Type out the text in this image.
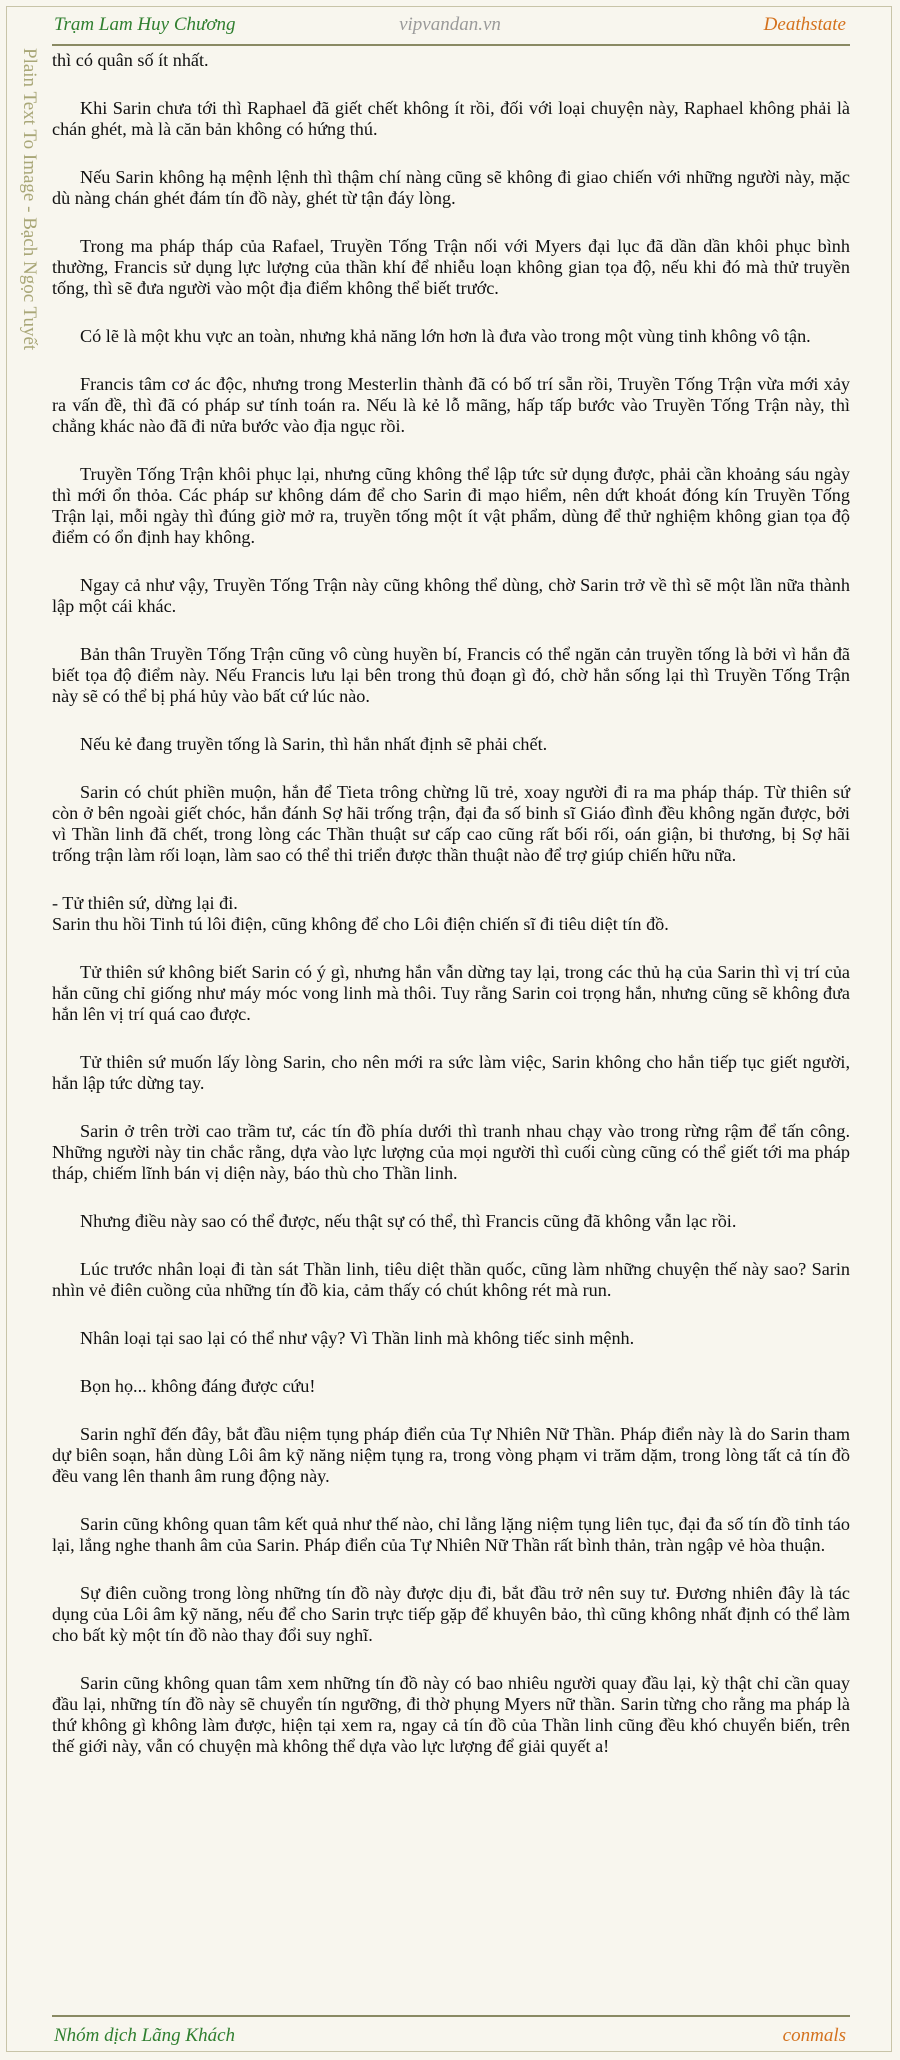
Trạm Lam Huy Chương	vipvandan.vn	Deathstate
Plain Text To Image - Bạch Ngọc Tuyết thì có quân số ít nhất.

Khi Sarin chưa tới thì Raphael đã giết chết không ít rồi, đối với loại chuyện này, Raphael không phải là chán ghét, mà là căn bản không có hứng thú.

Nếu Sarin không hạ mệnh lệnh thì thậm chí nàng cũng sẽ không đi giao chiến với những người này, mặc dù nàng chán ghét đám tín đồ này, ghét từ tận đáy lòng.

Trong ma pháp tháp của Rafael, Truyền Tống Trận nối với Myers đại lục đã dần dần khôi phục bình thường, Francis sử dụng lực lượng của thần khí để nhiễu loạn không gian tọa độ, nếu khi đó mà thử truyền tống, thì sẽ đưa người vào một địa điểm không thể biết trước.

Có lẽ là một khu vực an toàn, nhưng khả năng lớn hơn là đưa vào trong một vùng tinh không vô tận.

Francis tâm cơ ác độc, nhưng trong Mesterlin thành đã có bố trí sẵn rồi, Truyền Tống Trận vừa mới xảy ra vấn đề, thì đã có pháp sư tính toán ra. Nếu là kẻ lỗ mãng, hấp tấp bước vào Truyền Tống Trận này, thì chẳng khác nào đã đi nửa bước vào địa ngục rồi.

Truyền Tống Trận khôi phục lại, nhưng cũng không thể lập tức sử dụng được, phải cần khoảng sáu ngày thì mới ổn thỏa. Các pháp sư không dám để cho Sarin đi mạo hiểm, nên dứt khoát đóng kín Truyền Tống Trận lại, mỗi ngày thì đúng giờ mở ra, truyền tống một ít vật phẩm, dùng để thử nghiệm không gian tọa độ điểm có ổn định hay không.

Ngay cả như vậy, Truyền Tống Trận này cũng không thể dùng, chờ Sarin trở về thì sẽ một lần nữa thành lập một cái khác.

Bản thân Truyền Tống Trận cũng vô cùng huyền bí, Francis có thể ngăn cản truyền tống là bởi vì hắn đã biết tọa độ điểm này. Nếu Francis lưu lại bên trong thủ đoạn gì đó, chờ hắn sống lại thì Truyền Tống Trận này sẽ có thể bị phá hủy vào bất cứ lúc nào.

Nếu kẻ đang truyền tống là Sarin, thì hắn nhất định sẽ phải chết.

Sarin có chút phiền muộn, hắn để Tieta trông chừng lũ trẻ, xoay người đi ra ma pháp tháp. Từ thiên sứ còn ở bên ngoài giết chóc, hắn đánh Sợ hãi trống trận, đại đa số binh sĩ Giáo đình đều không ngăn được, bởi vì Thần linh đã chết, trong lòng các Thần thuật sư cấp cao cũng rất bối rối, oán giận, bi thương, bị Sợ hãi trống trận làm rối loạn, làm sao có thể thi triển được thần thuật nào để trợ giúp chiến hữu nữa.

- Tử thiên sứ, dừng lại đi.
Sarin thu hồi Tinh tú lôi điện, cũng không để cho Lôi điện chiến sĩ đi tiêu diệt tín đồ.

Tử thiên sứ không biết Sarin có ý gì, nhưng hắn vẫn dừng tay lại, trong các thủ hạ của Sarin thì vị trí của hắn cũng chỉ giống như máy móc vong linh mà thôi. Tuy rằng Sarin coi trọng hắn, nhưng cũng sẽ không đưa hắn lên vị trí quá cao được.

Tử thiên sứ muốn lấy lòng Sarin, cho nên mới ra sức làm việc, Sarin không cho hắn tiếp tục giết người, hắn lập tức dừng tay.

Sarin ở trên trời cao trầm tư, các tín đồ phía dưới thì tranh nhau chạy vào trong rừng rậm để tấn công. Những người này tin chắc rằng, dựa vào lực lượng của mọi người thì cuối cùng cũng có thể giết tới ma pháp tháp, chiếm lĩnh bán vị diện này, báo thù cho Thần linh.

Nhưng điều này sao có thể được, nếu thật sự có thể, thì Francis cũng đã không vẫn lạc rồi.

Lúc trước nhân loại đi tàn sát Thần linh, tiêu diệt thần quốc, cũng làm những chuyện thế này sao? Sarin nhìn vẻ điên cuồng của những tín đồ kia, cảm thấy có chút không rét mà run.

Nhân loại tại sao lại có thể như vậy? Vì Thần linh mà không tiếc sinh mệnh.

Bọn họ... không đáng được cứu!

Sarin nghĩ đến đây, bắt đầu niệm tụng pháp điển của Tự Nhiên Nữ Thần. Pháp điển này là do Sarin tham dự biên soạn, hắn dùng Lôi âm kỹ năng niệm tụng ra, trong vòng phạm vi trăm dặm, trong lòng tất cả tín đồ đều vang lên thanh âm rung động này.

Sarin cũng không quan tâm kết quả như thế nào, chỉ lẳng lặng niệm tụng liên tục, đại đa số tín đồ tỉnh táo lại, lắng nghe thanh âm của Sarin. Pháp điển của Tự Nhiên Nữ Thần rất bình thản, tràn ngập vẻ hòa thuận.

Sự điên cuồng trong lòng những tín đồ này được dịu đi, bắt đầu trở nên suy tư. Đương nhiên đây là tác dụng của Lôi âm kỹ năng, nếu để cho Sarin trực tiếp gặp để khuyên bảo, thì cũng không nhất định có thể làm cho bất kỳ một tín đồ nào thay đổi suy nghĩ.

Sarin cũng không quan tâm xem những tín đồ này có bao nhiêu người quay đầu lại, kỳ thật chỉ cần quay đầu lại, những tín đồ này sẽ chuyển tín ngưỡng, đi thờ phụng Myers nữ thần. Sarin từng cho rằng ma pháp là thứ không gì không làm được, hiện tại xem ra, ngay cả tín đồ của Thần linh cũng đều khó chuyển biến, trên thế giới này, vẫn có chuyện mà không thể dựa vào lực lượng để giải quyết a!

Nhóm dịch Lãng Khách	conmals
